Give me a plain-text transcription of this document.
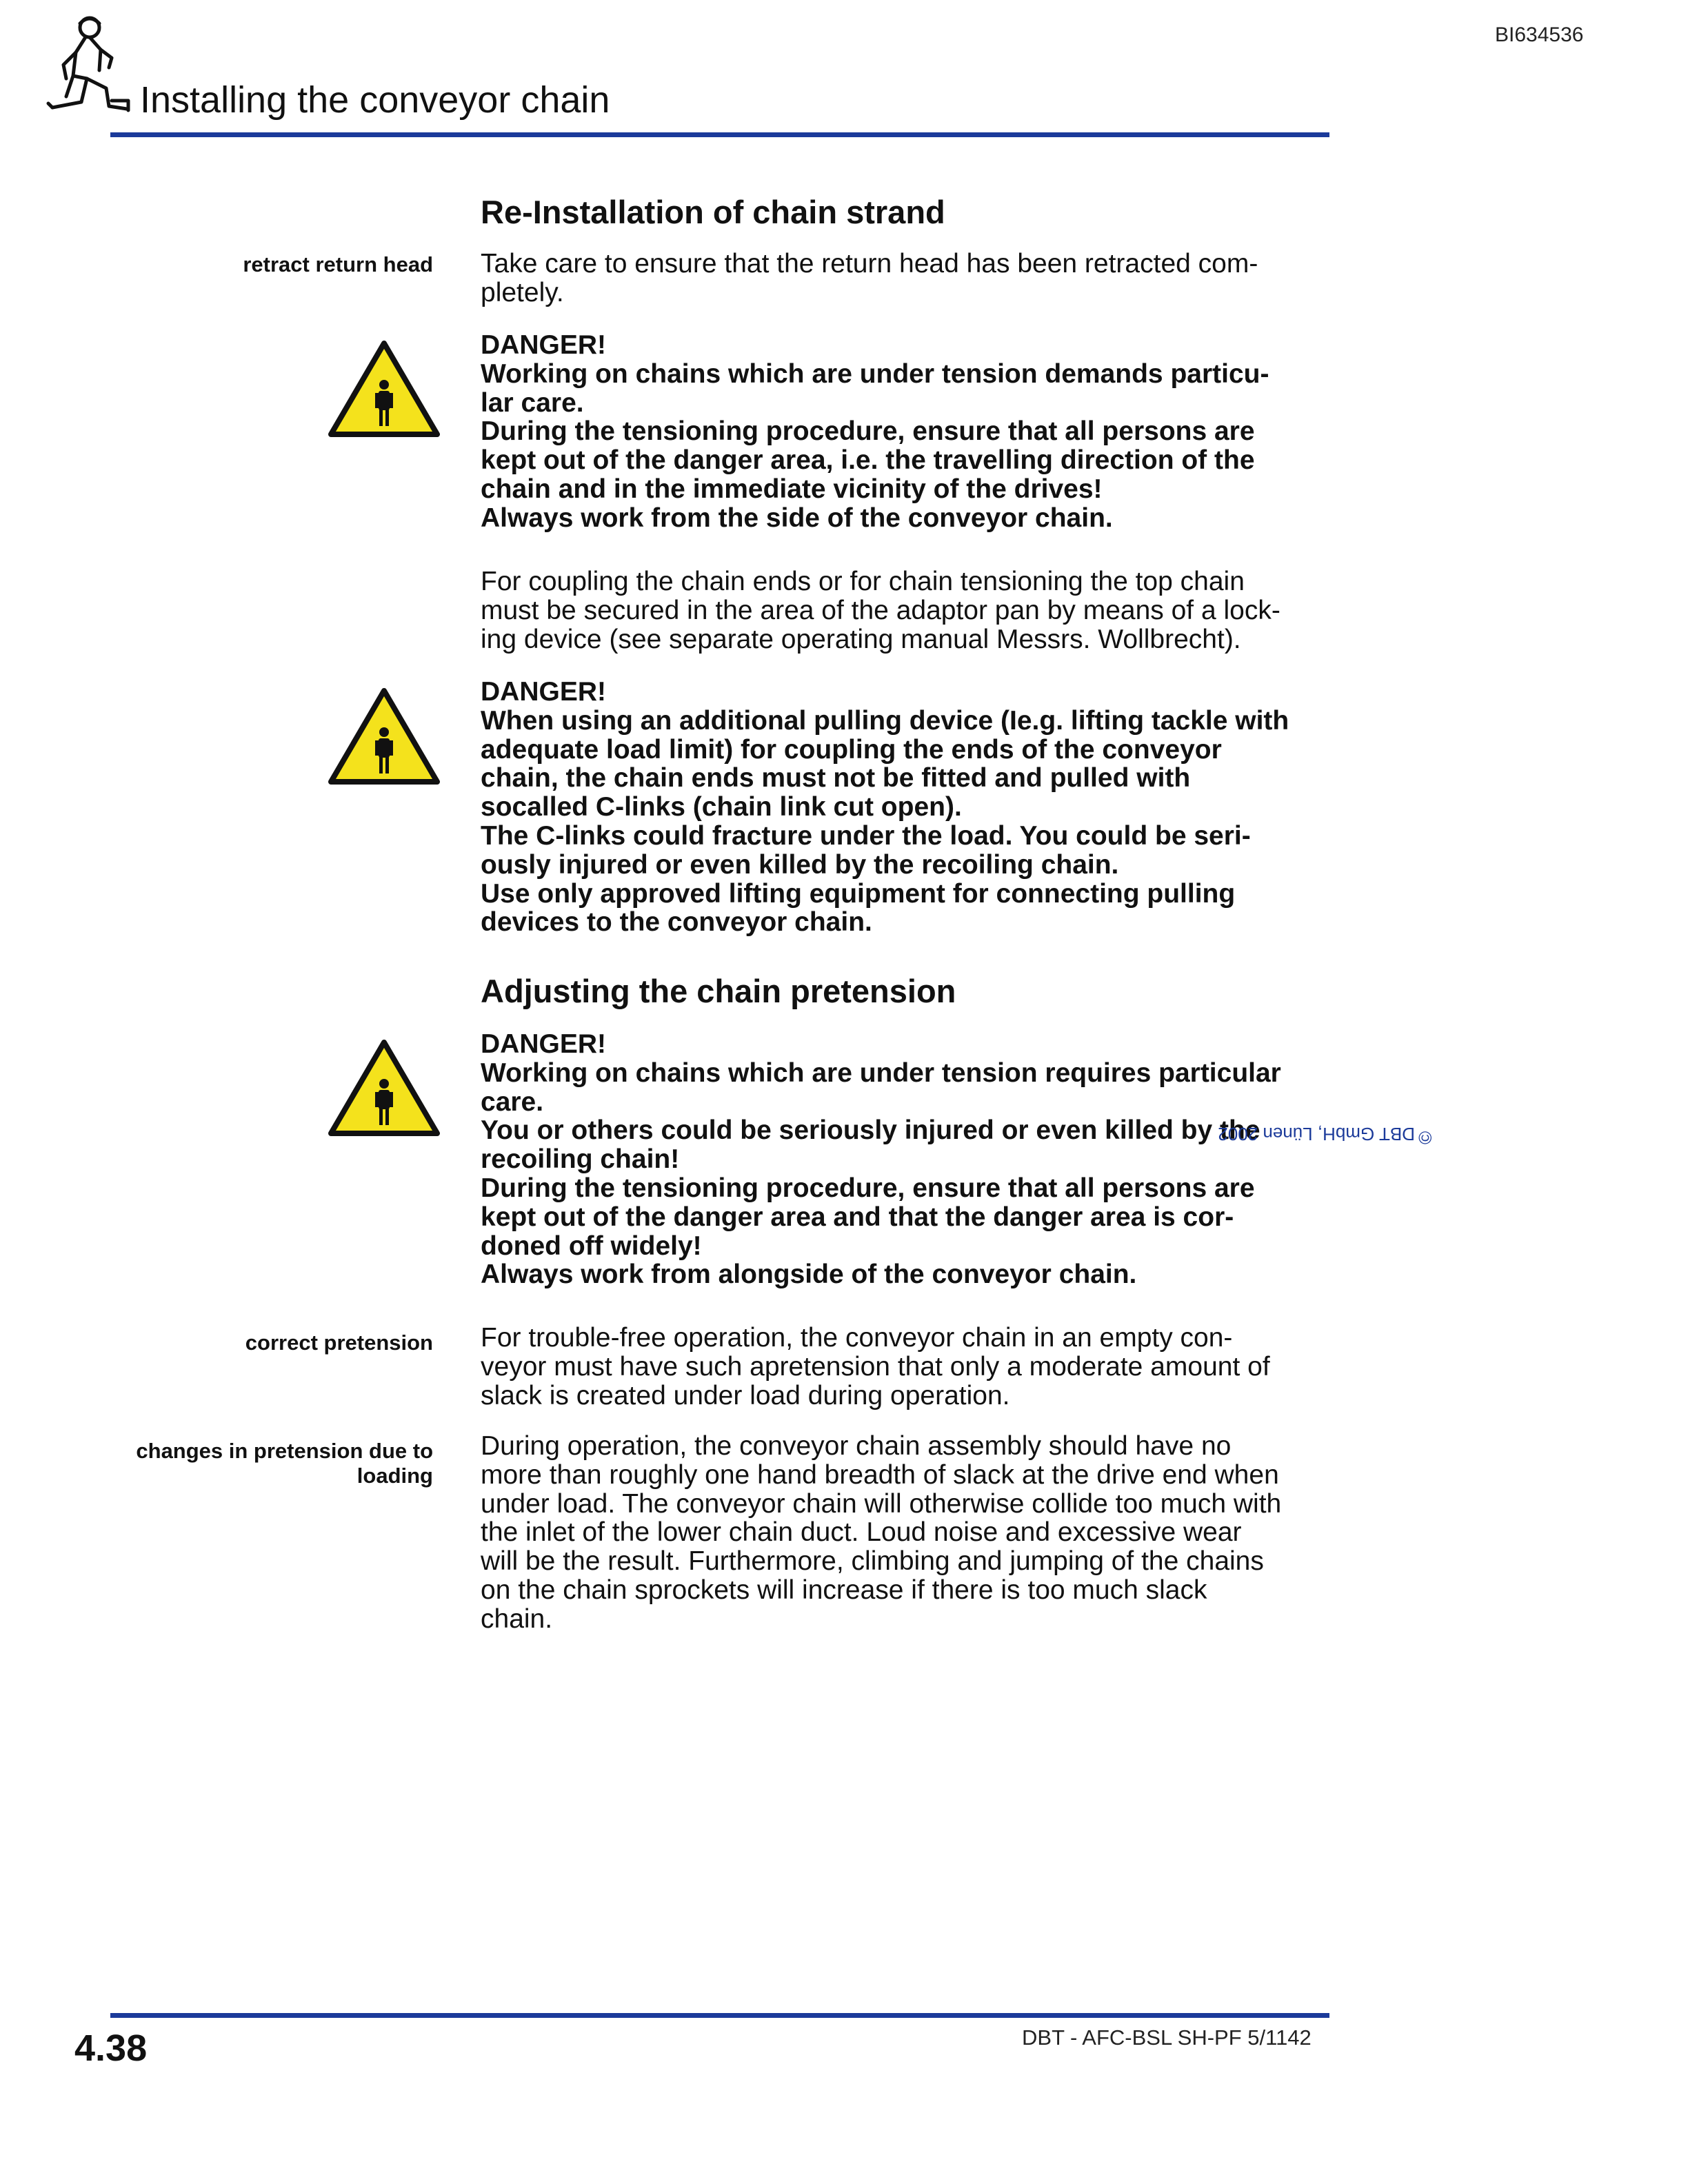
BI634536
Installing the conveyor chain
Re-Installation of chain strand
retract return head Take care to ensure that the return head has been retracted com-
pletely.
DANGER!
Working on chains which are under tension demands particu-
lar care.
During the tensioning procedure, ensure that all persons are
kept out of the danger area, i.e. the travelling direction of the
chain and in the immediate vicinity of the drives!
Always work from the side of the conveyor chain.
For coupling the chain ends or for chain tensioning the top chain
must be secured in the area of the adaptor pan by means of a lock-
ing device (see separate operating manual Messrs. Wollbrecht).
DANGER!
When using an additional pulling device (Ie.g. lifting tackle with
adequate load limit) for coupling the ends of the conveyor
chain, the chain ends must not be fitted and pulled with
socalled C-links (chain link cut open).
The C-links could fracture under the load. You could be seri-
ously injured or even killed by the recoiling chain.
Use only approved lifting equipment for connecting pulling
devices to the conveyor chain.
Adjusting the chain pretension
DANGER!
Working on chains which are under tension requires particular
care.
You or others could be seriously injured or even killed by the
recoiling chain!
During the tensioning procedure, ensure that all persons are
kept out of the danger area and that the danger area is cor-
doned off widely!
Always work from alongside of the conveyor chain.
correct pretension For trouble-free operation, the conveyor chain in an empty con-
veyor must have such apretension that only a moderate amount of
slack is created under load during operation.
changes in pretension due to
loading
During operation, the conveyor chain assembly should have no
more than roughly one hand breadth of slack at the drive end when
under load. The conveyor chain will otherwise collide too much with
the inlet of the lower chain duct. Loud noise and excessive wear
will be the result. Furthermore, climbing and jumping of the chains
on the chain sprockets will increase if there is too much slack
chain.
DBT GmbH, Lünen 2002 ©
4.38	DBT - AFC-BSL SH-PF 5/1142
